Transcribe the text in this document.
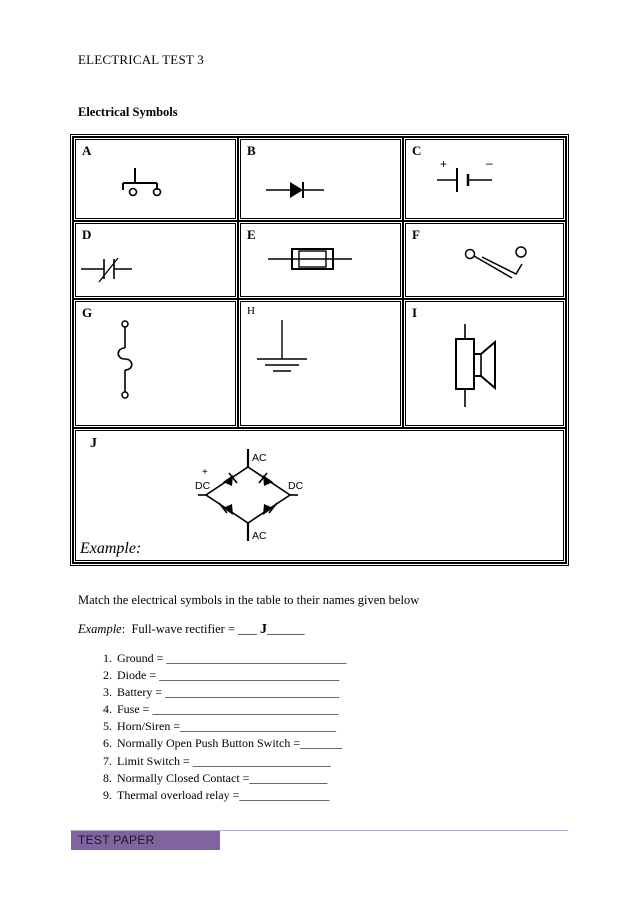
ELECTRICAL TEST 3
Electrical Symbols
A	B	C
+	–
D	E	F
G	H	I
J
+
DC	DC
AC
AC
Example:
Match the electrical symbols in the table to their names given below
Example:  Full-wave rectifier = ___ J______
1. Ground = ______________________________
2. Diode = ______________________________
3. Battery = _____________________________
4. Fuse = _______________________________
5. Horn/Siren =__________________________
6. Normally Open Push Button Switch =_______
7. Limit Switch = _______________________
8. Normally Closed Contact =_____________
9. Thermal overload relay =_______________
TEST PAPER
